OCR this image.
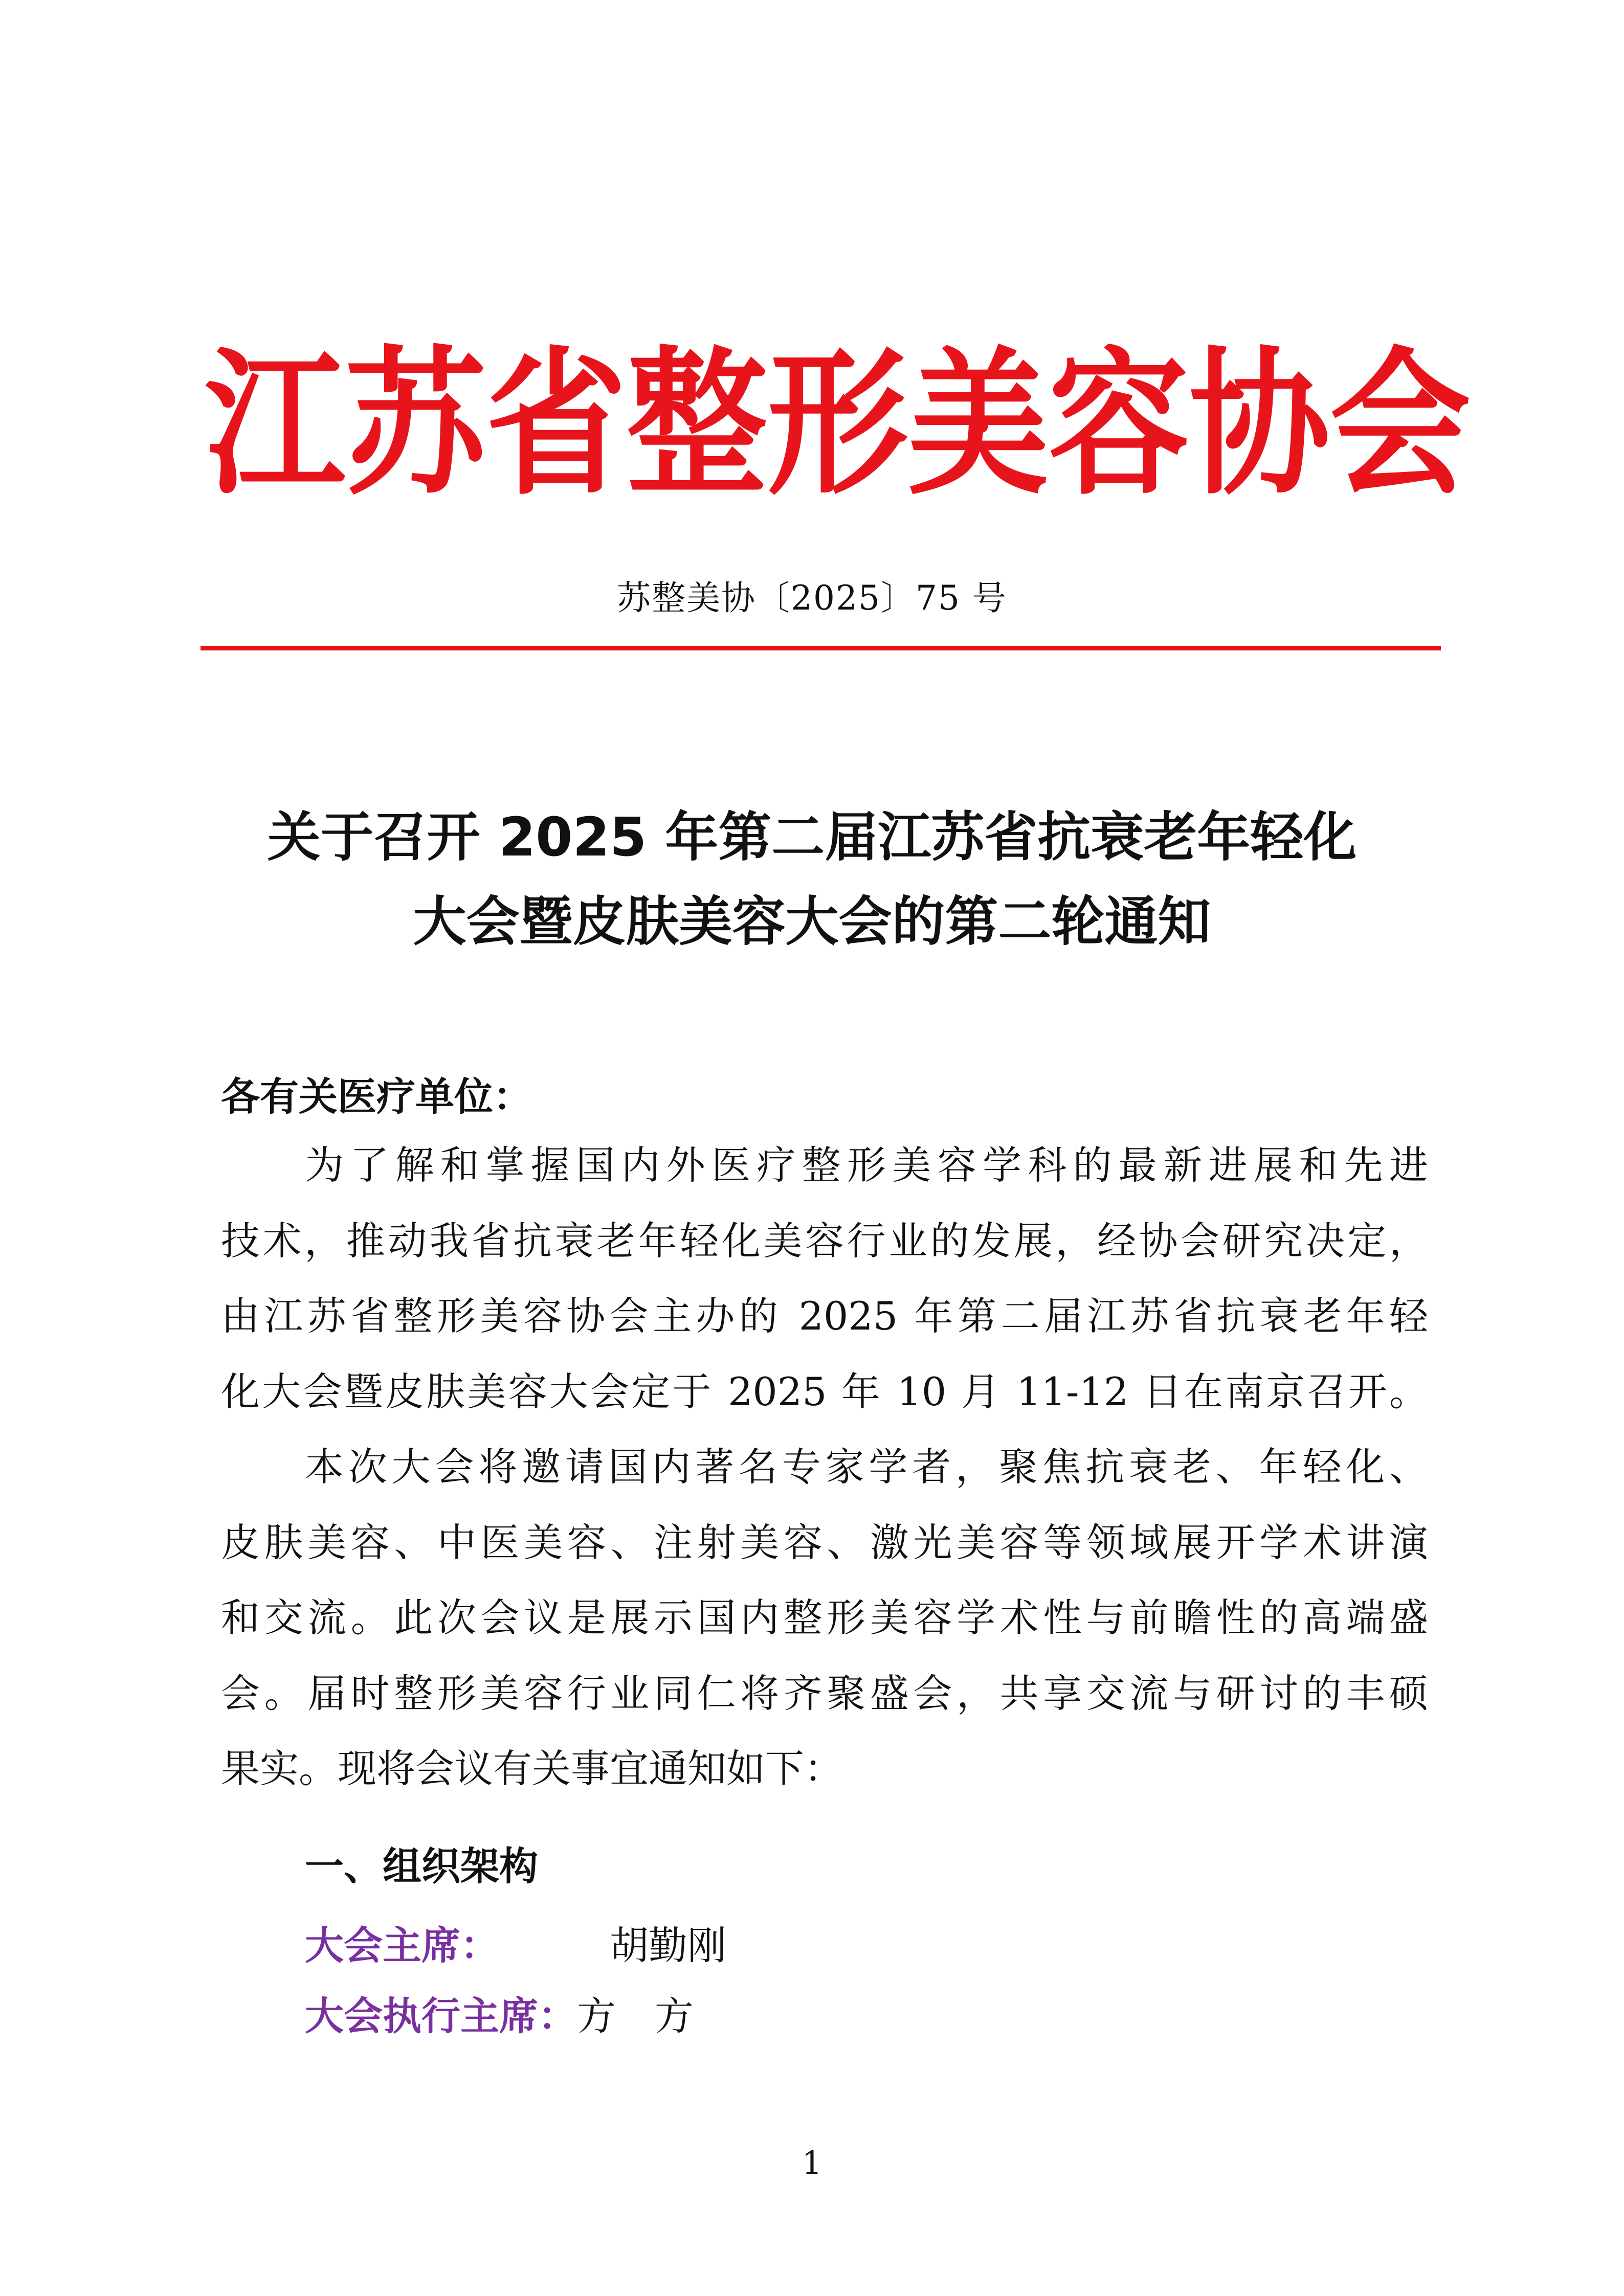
江 苏 省 整 形 美 容 协 会
苏整美协〔2025〕75 号
关于召开 2025 年第二届江苏省抗衰老年轻化
大会暨皮肤美容大会的第二轮通知
各有关医疗单位：
为了解和掌握国内外医疗整形美容学科的最新进展和先进
技术，推动我省抗衰老年轻化美容行业的发展，经协会研究决定，
由江苏省整形美容协会主办的 2025 年第二届江苏省抗衰老年轻
化大会暨皮肤美容大会定于 2025 年 10 月 11-12 日在南京召开。
本次大会将邀请国内著名专家学者，聚焦抗衰老、年轻化、
皮肤美容、中医美容、注射美容、激光美容等领域展开学术讲演
和交流。此次会议是展示国内整形美容学术性与前瞻性的高端盛
会。届时整形美容行业同仁将齐聚盛会，共享交流与研讨的丰硕
果实。现将会议有关事宜通知如下：
一、组织架构
大会主席：	胡勤刚
大会执行主席：方　方
1
